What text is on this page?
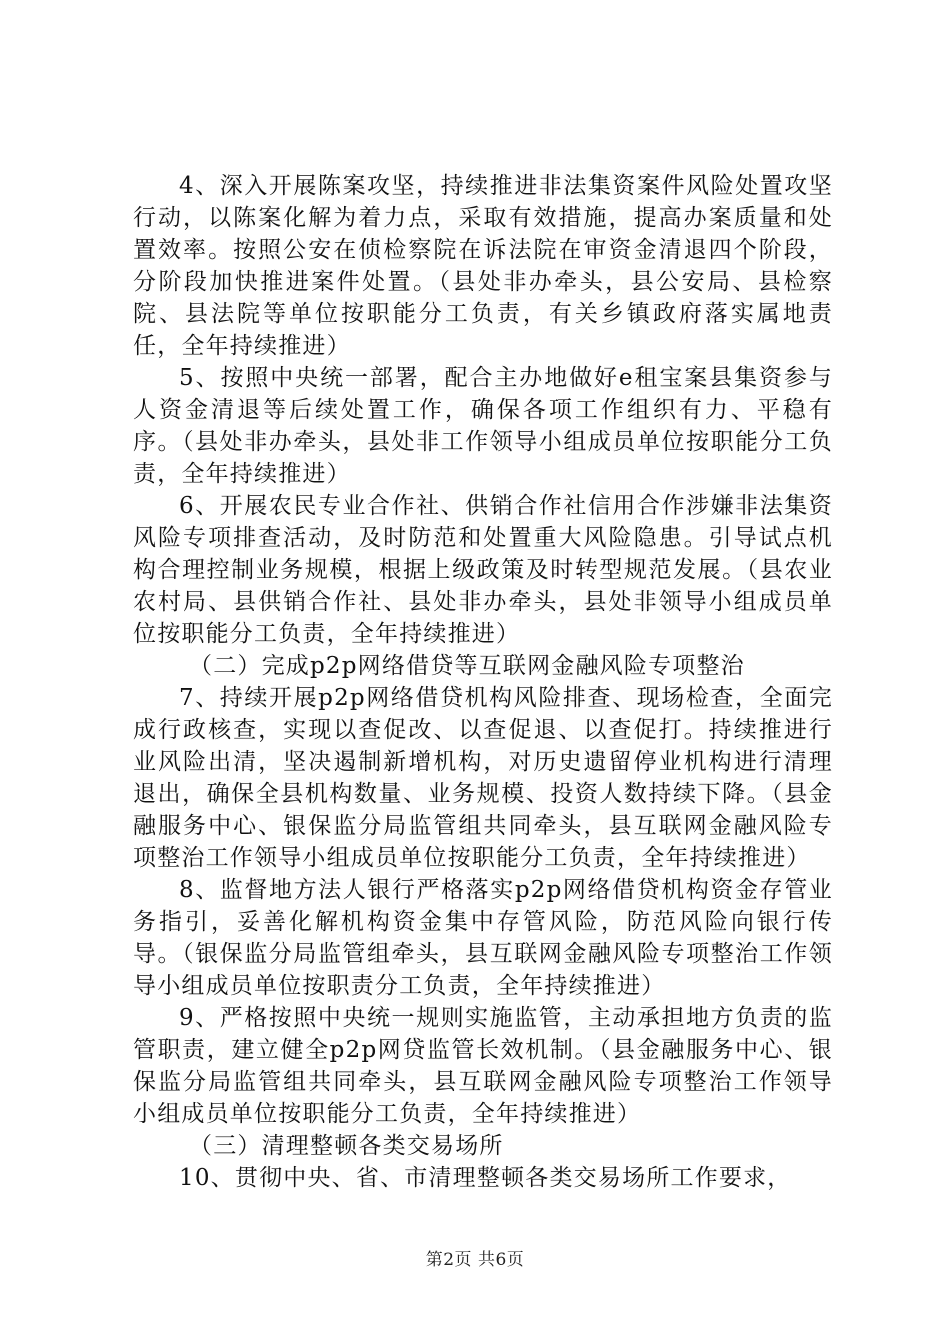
4、深入开展陈案攻坚，持续推进非法集资案件风险处置攻坚行动，以陈案化解为着力点，采取有效措施，提高办案质量和处置效率。按照公安在侦检察院在诉法院在审资金清退四个阶段，分阶段加快推进案件处置。（县处非办牵头，县公安局、县检察院、县法院等单位按职能分工负责，有关乡镇政府落实属地责任，全年持续推进）

5、按照中央统一部署，配合主办地做好e租宝案县集资参与人资金清退等后续处置工作，确保各项工作组织有力、平稳有序。（县处非办牵头，县处非工作领导小组成员单位按职能分工负责，全年持续推进）

6、开展农民专业合作社、供销合作社信用合作涉嫌非法集资风险专项排查活动，及时防范和处置重大风险隐患。引导试点机构合理控制业务规模，根据上级政策及时转型规范发展。（县农业农村局、县供销合作社、县处非办牵头，县处非领导小组成员单位按职能分工负责，全年持续推进）

（二）完成p2p网络借贷等互联网金融风险专项整治

7、持续开展p2p网络借贷机构风险排查、现场检查，全面完成行政核查，实现以查促改、以查促退、以查促打。持续推进行业风险出清，坚决遏制新增机构，对历史遗留停业机构进行清理退出，确保全县机构数量、业务规模、投资人数持续下降。（县金融服务中心、银保监分局监管组共同牵头，县互联网金融风险专项整治工作领导小组成员单位按职能分工负责，全年持续推进）

8、监督地方法人银行严格落实p2p网络借贷机构资金存管业务指引，妥善化解机构资金集中存管风险，防范风险向银行传导。（银保监分局监管组牵头，县互联网金融风险专项整治工作领导小组成员单位按职责分工负责，全年持续推进）

9、严格按照中央统一规则实施监管，主动承担地方负责的监管职责，建立健全p2p网贷监管长效机制。（县金融服务中心、银保监分局监管组共同牵头，县互联网金融风险专项整治工作领导小组成员单位按职能分工负责，全年持续推进）

（三）清理整顿各类交易场所

10、贯彻中央、省、市清理整顿各类交易场所工作要求，

第2页 共6页
